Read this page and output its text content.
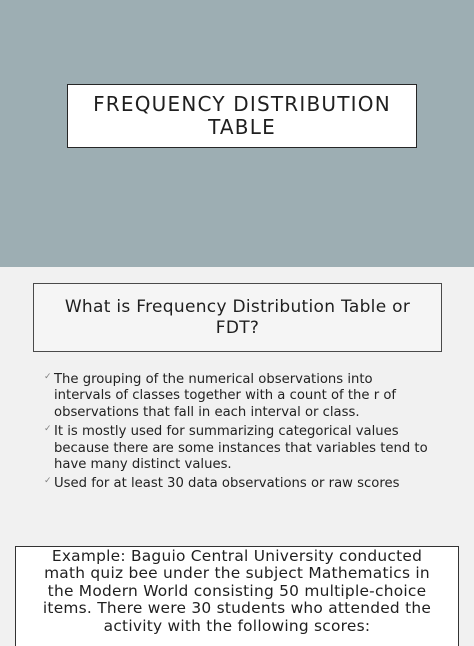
FREQUENCY DISTRIBUTION
TABLE
What is Frequency Distribution Table or
FDT?
✓ The grouping of the numerical observations into
intervals of classes together with a count of the r of
observations that fall in each interval or class.
✓ It is mostly used for summarizing categorical values
because there are some instances that variables tend to
have many distinct values.
✓ Used for at least 30 data observations or raw scores
Example: Baguio Central University conducted
math quiz bee under the subject Mathematics in
the Modern World consisting 50 multiple-choice
items. There were 30 students who attended the
activity with the following scores:
